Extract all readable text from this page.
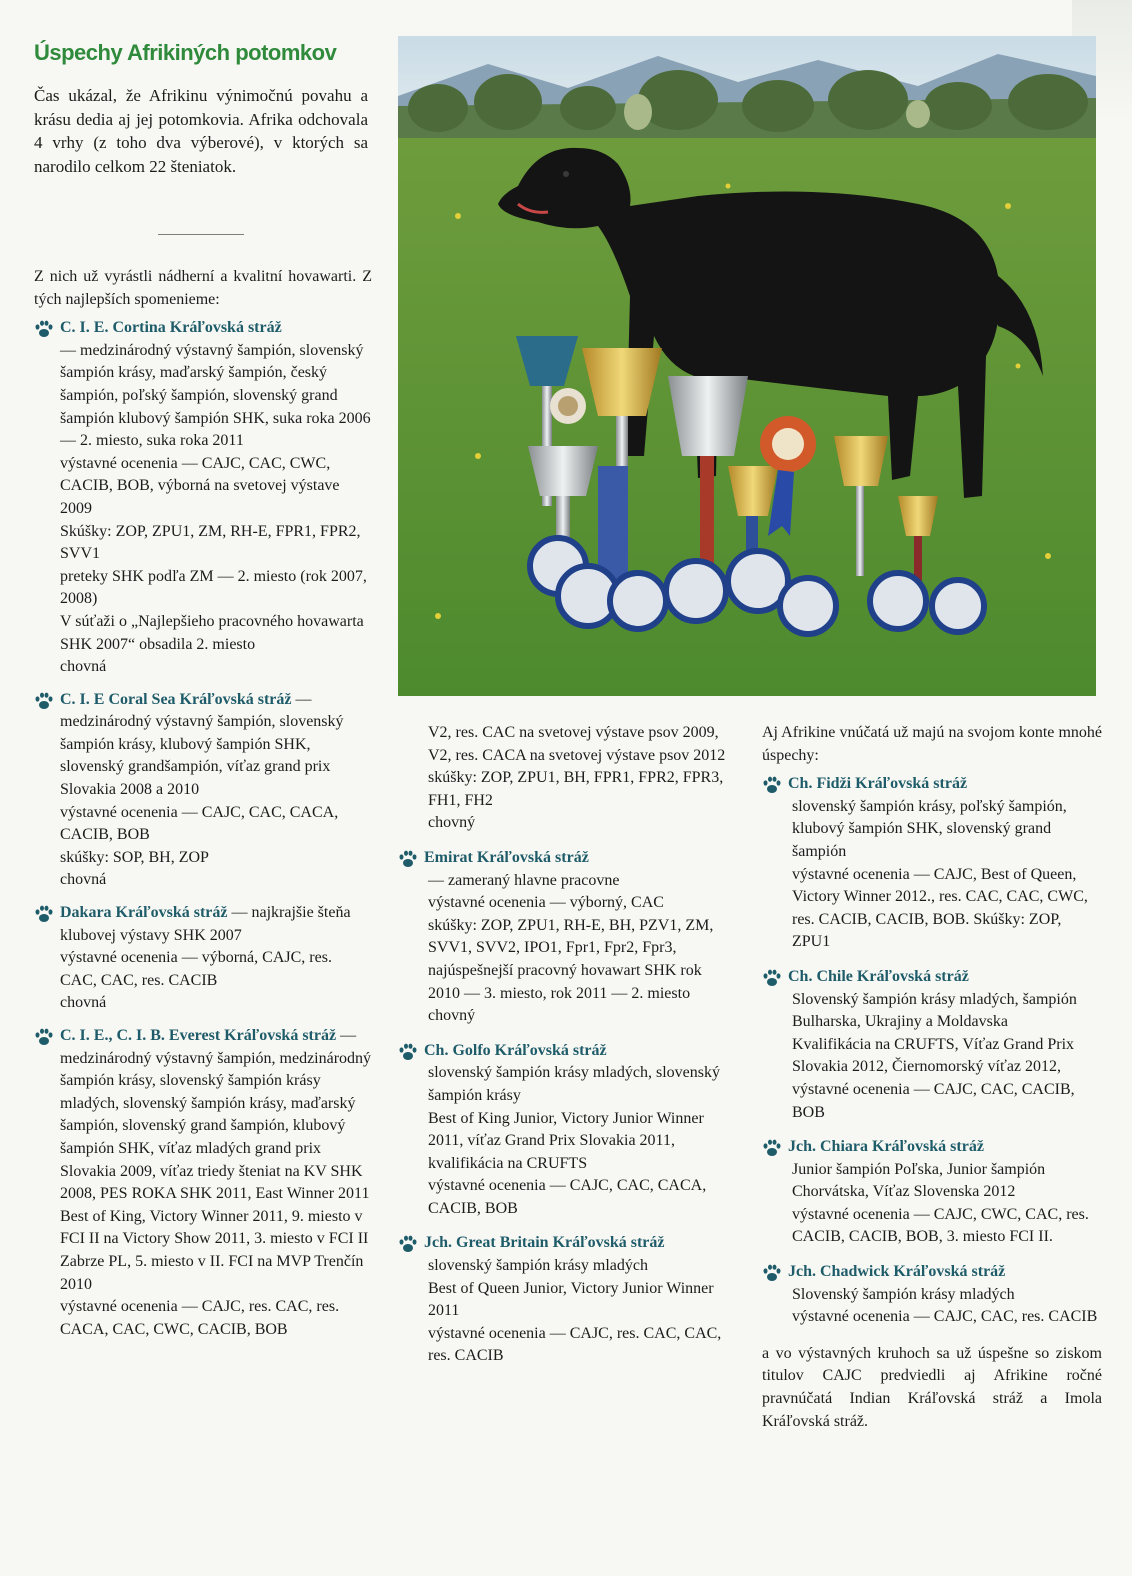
Úspechy Afrikiných potomkov
Čas ukázal, že Afrikinu výnimočnú povahu a krásu dedia aj jej potomkovia. Afrika odchovala 4 vrhy (z toho dva výberové), v ktorých sa narodilo celkom 22 šteniatok.
Z nich už vyrástli nádherní a kvalitní hovawarti. Z tých najlepších spomenieme:
C. I. E. Cortina Kráľovská stráž
— medzinárodný výstavný šampión, slovenský šampión krásy, maďarský šampión, český šampión, poľský šampión, slovenský grand šampión klubový šampión SHK, suka roka 2006 — 2. miesto, suka roka 2011
výstavné ocenenia — CAJC, CAC, CWC, CACIB, BOB, výborná na svetovej výstave 2009
Skúšky: ZOP, ZPU1, ZM, RH-E, FPR1, FPR2, SVV1
preteky SHK podľa ZM — 2. miesto (rok 2007, 2008)
V súťaži o „Najlepšieho pracovného hovawarta SHK 2007“ obsadila 2. miesto
chovná
C. I. E Coral Sea Kráľovská stráž — medzinárodný výstavný šampión, slovenský šampión krásy, klubový šampión SHK, slovenský grandšampión, víťaz grand prix Slovakia 2008 a 2010
výstavné ocenenia — CAJC, CAC, CACA, CACIB, BOB
skúšky: SOP, BH, ZOP
chovná
Dakara Kráľovská stráž — najkrajšie šteňa klubovej výstavy SHK 2007
výstavné ocenenia — výborná, CAJC, res. CAC, CAC, res. CACIB
chovná
C. I. E., C. I. B. Everest Kráľovská stráž — medzinárodný výstavný šampión, medzinárodný šampión krásy, slovenský šampión krásy mladých, slovenský šampión krásy, maďarský šampión, slovenský grand šampión, klubový šampión SHK, víťaz mladých grand prix Slovakia 2009, víťaz triedy šteniat na KV SHK 2008, PES ROKA SHK 2011, East Winner 2011
Best of King, Victory Winner 2011, 9. miesto v FCI II na Victory Show 2011, 3. miesto v FCI II Zabrze PL, 5. miesto v II. FCI na MVP Trenčín 2010
výstavné ocenenia — CAJC, res. CAC, res. CACA, CAC, CWC, CACIB, BOB
V2, res. CAC na svetovej výstave psov 2009, V2, res. CACA na svetovej výstave psov 2012
skúšky: ZOP, ZPU1, BH, FPR1, FPR2, FPR3, FH1, FH2
chovný
Emirat Kráľovská stráž
— zameraný hlavne pracovne
výstavné ocenenia — výborný, CAC
skúšky: ZOP, ZPU1, RH-E, BH, PZV1, ZM, SVV1, SVV2, IPO1, Fpr1, Fpr2, Fpr3, najúspešnejší pracovný hovawart SHK rok 2010 — 3. miesto, rok 2011 — 2. miesto
chovný
Ch. Golfo Kráľovská stráž
slovenský šampión krásy mladých, slovenský šampión krásy
Best of King Junior, Victory Junior Winner 2011, víťaz Grand Prix Slovakia 2011, kvalifikácia na CRUFTS
výstavné ocenenia — CAJC, CAC, CACA, CACIB, BOB
Jch. Great Britain Kráľovská stráž
slovenský šampión krásy mladých
Best of Queen Junior, Victory Junior Winner 2011
výstavné ocenenia — CAJC, res. CAC, CAC, res. CACIB
Aj Afrikine vnúčatá už majú na svojom konte mnohé úspechy:
Ch. Fidži Kráľovská stráž
slovenský šampión krásy, poľský šampión, klubový šampión SHK, slovenský grand šampión
výstavné ocenenia — CAJC, Best of Queen, Victory Winner 2012., res. CAC, CAC, CWC, res. CACIB, CACIB, BOB. Skúšky: ZOP, ZPU1
Ch. Chile Kráľovská stráž
Slovenský šampión krásy mladých, šampión Bulharska, Ukrajiny a Moldavska
Kvalifikácia na CRUFTS, Víťaz Grand Prix Slovakia 2012, Čiernomorský víťaz 2012, výstavné ocenenia — CAJC, CAC, CACIB, BOB
Jch. Chiara Kráľovská stráž
Junior šampión Poľska, Junior šampión Chorvátska, Víťaz Slovenska 2012
výstavné ocenenia — CAJC, CWC, CAC, res. CACIB, CACIB, BOB, 3. miesto FCI II.
Jch. Chadwick Kráľovská stráž
Slovenský šampión krásy mladých
výstavné ocenenia — CAJC, CAC, res. CACIB
a vo výstavných kruhoch sa už úspešne so ziskom titulov CAJC predviedli aj Afrikine ročné pravnúčatá Indian Kráľovská stráž a Imola Kráľovská stráž.
